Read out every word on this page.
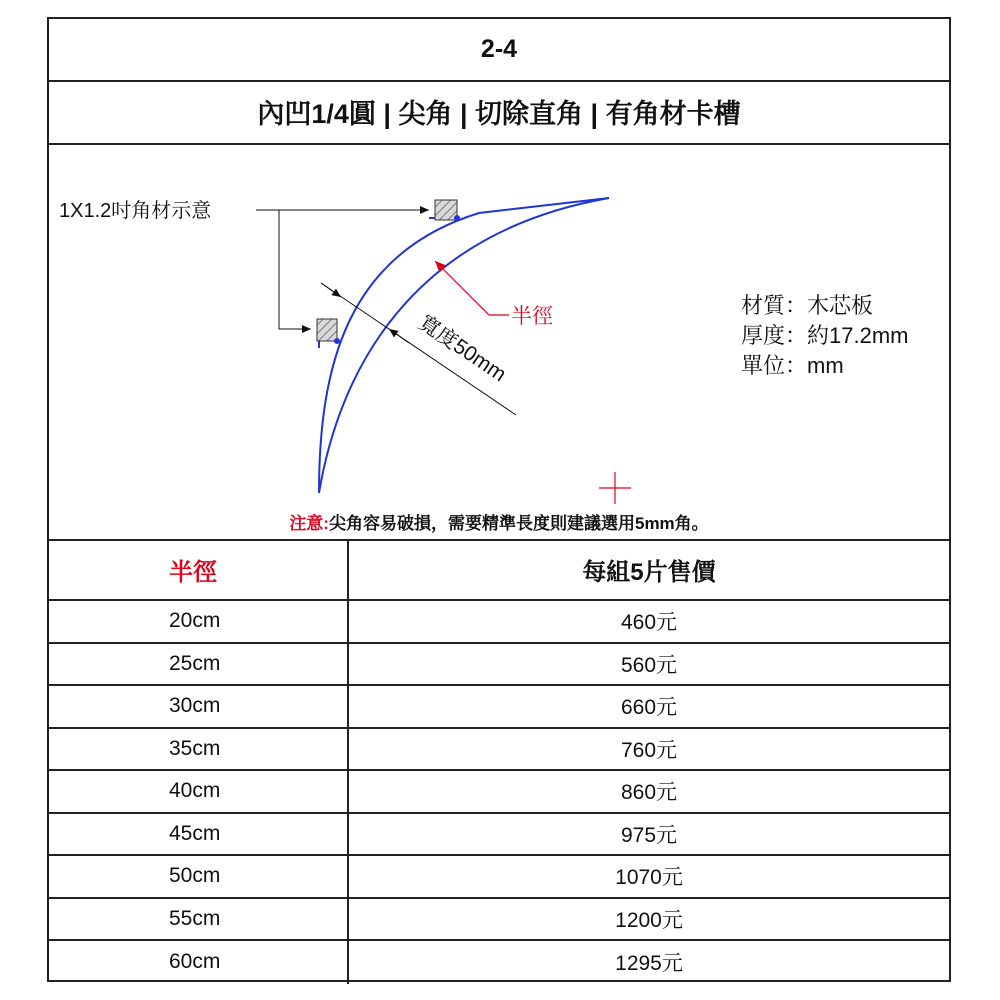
2-4
內凹1/4圓 | 尖角 | 切除直角 | 有角材卡槽
1X1.2吋角材示意
半徑
寬度50mm
材質：木芯板
厚度：約17.2mm
單位：mm
注意:尖角容易破損，需要精準長度則建議選用5mm角。
半徑	每組5片售價
20cm	460元
25cm	560元
30cm	660元
35cm	760元
40cm	860元
45cm	975元
50cm	1070元
55cm	1200元
60cm	1295元
